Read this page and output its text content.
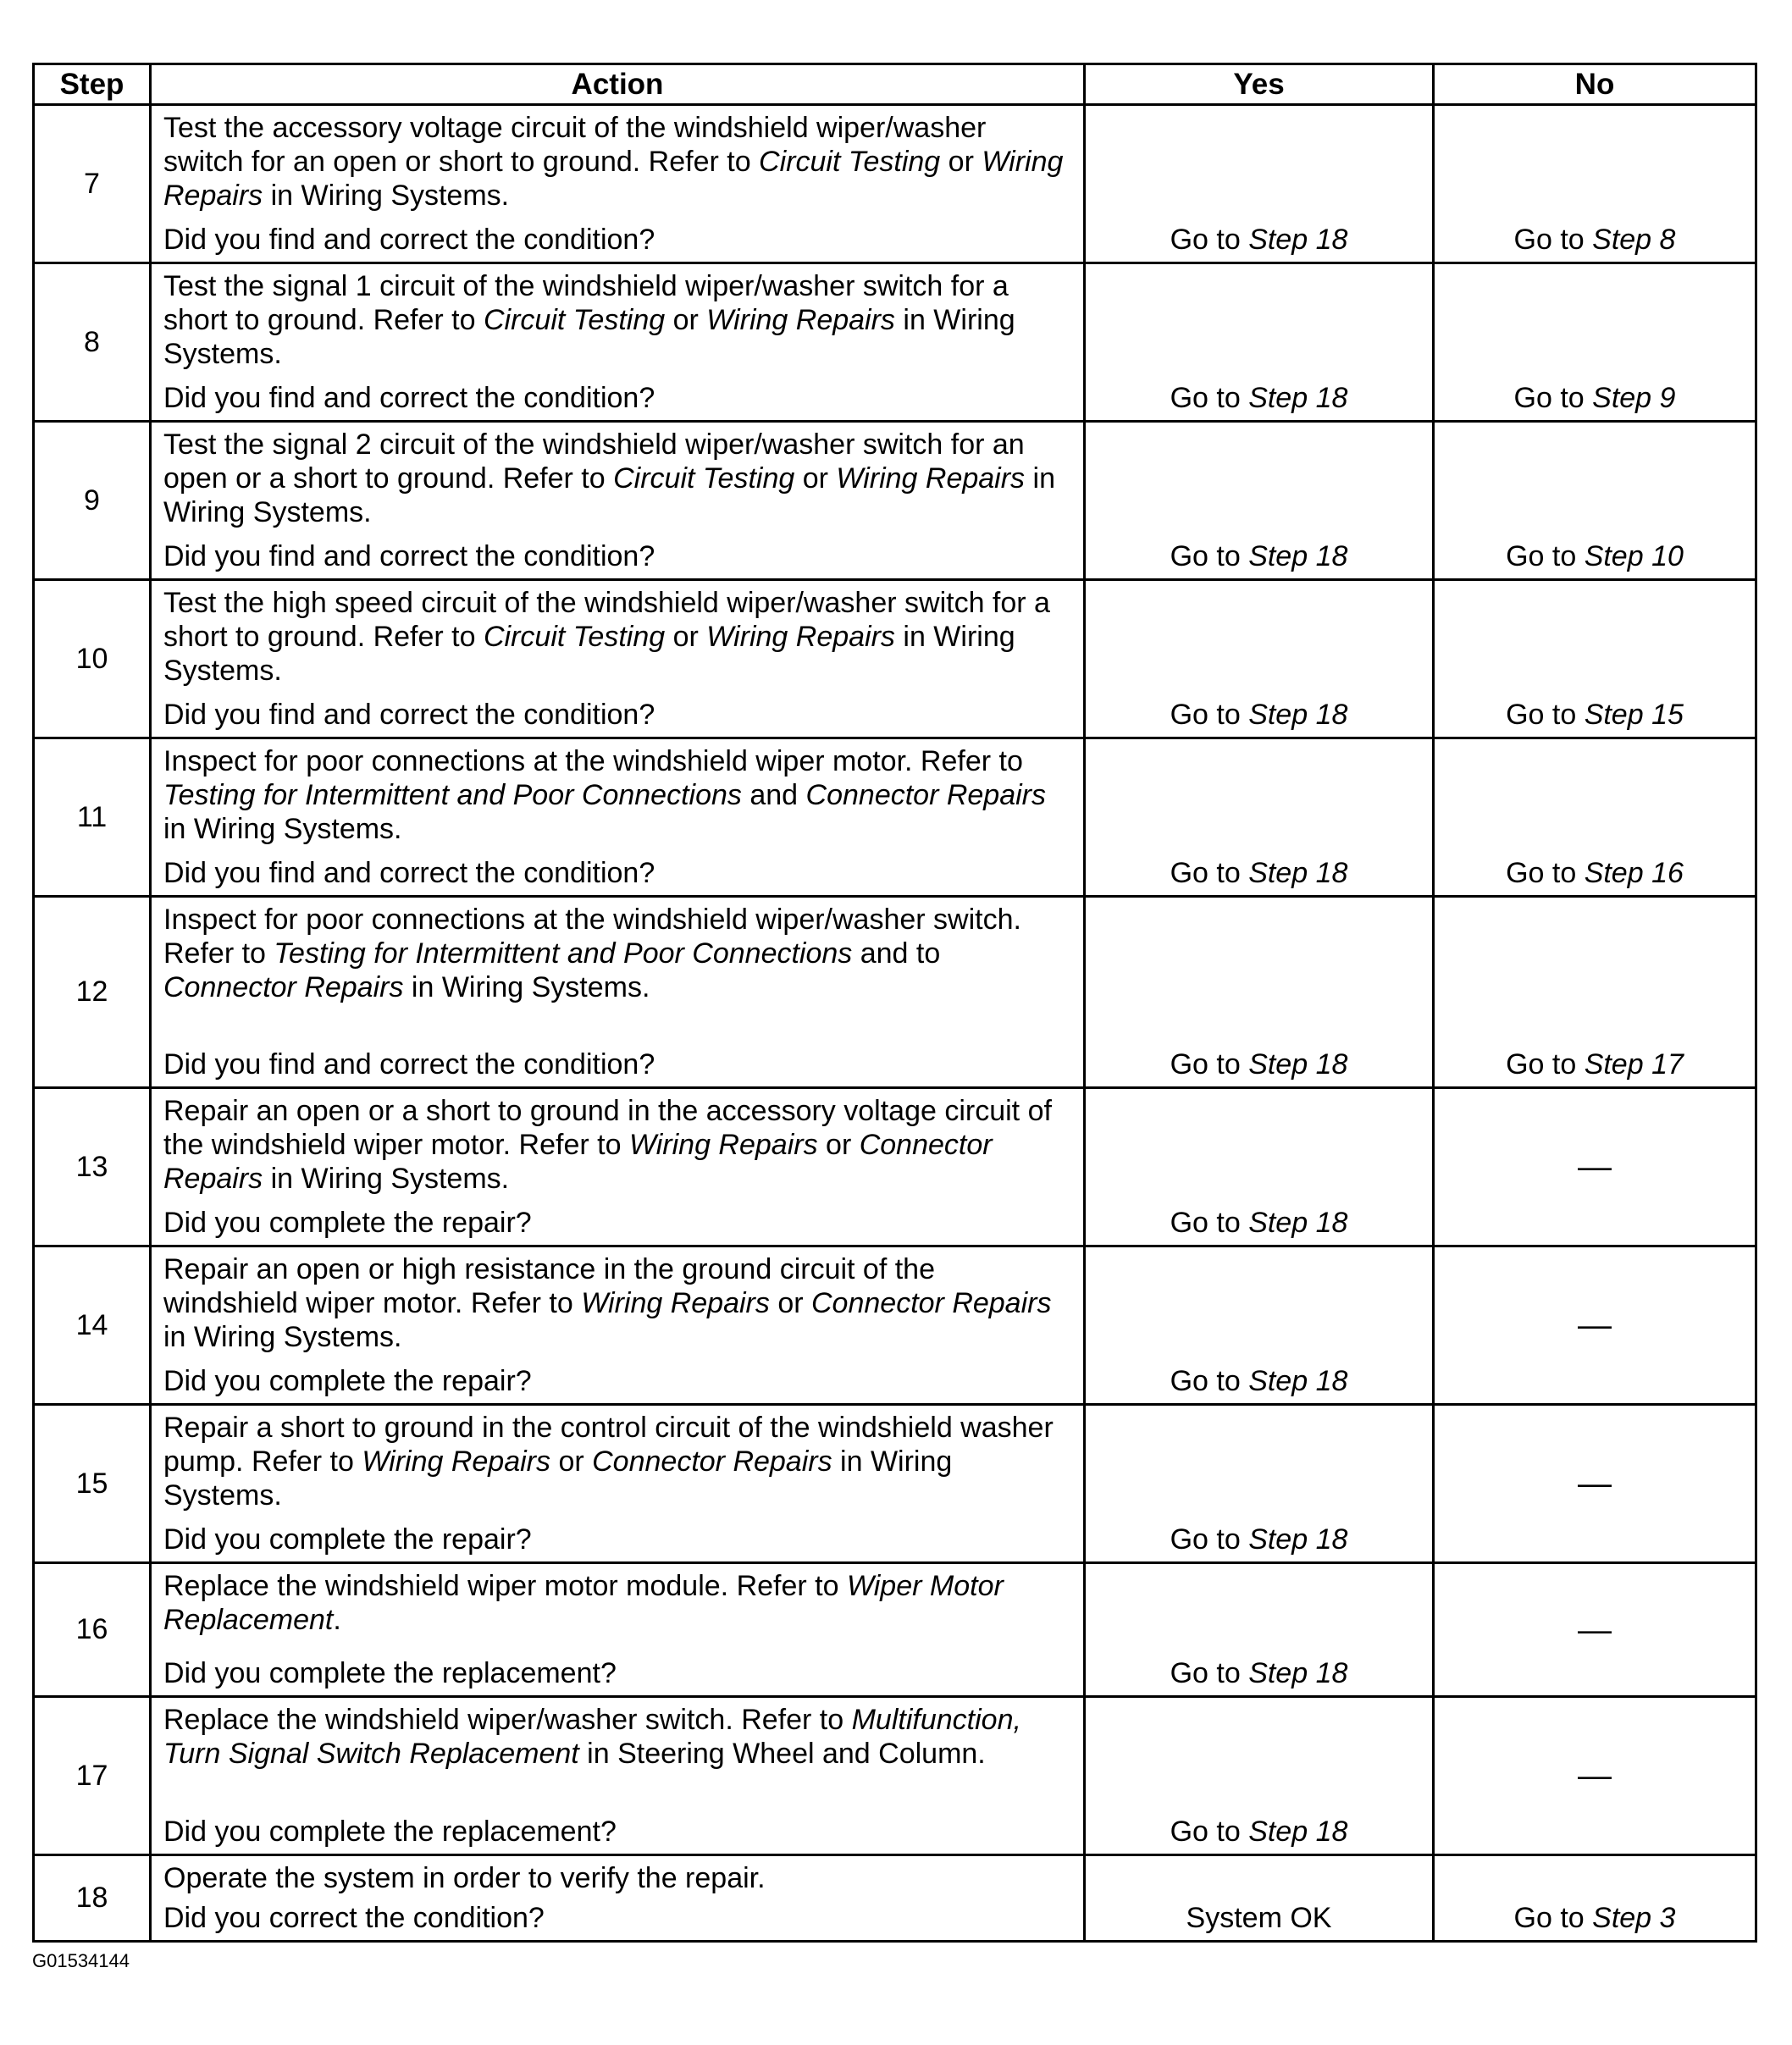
Step	Action	Yes	No
7	Test the accessory voltage circuit of the windshield wiper/washer switch for an open or short to ground. Refer to Circuit Testing or Wiring Repairs in Wiring Systems.
Did you find and correct the condition?	Go to Step 18	Go to Step 8
8	Test the signal 1 circuit of the windshield wiper/washer switch for a short to ground. Refer to Circuit Testing or Wiring Repairs in Wiring Systems.
Did you find and correct the condition?	Go to Step 18	Go to Step 9
9	Test the signal 2 circuit of the windshield wiper/washer switch for an open or a short to ground. Refer to Circuit Testing or Wiring Repairs in Wiring Systems.
Did you find and correct the condition?	Go to Step 18	Go to Step 10
10	Test the high speed circuit of the windshield wiper/washer switch for a short to ground. Refer to Circuit Testing or Wiring Repairs in Wiring Systems.
Did you find and correct the condition?	Go to Step 18	Go to Step 15
11	Inspect for poor connections at the windshield wiper motor. Refer to Testing for Intermittent and Poor Connections and Connector Repairs in Wiring Systems.
Did you find and correct the condition?	Go to Step 18	Go to Step 16
12	Inspect for poor connections at the windshield wiper/washer switch. Refer to Testing for Intermittent and Poor Connections and to Connector Repairs in Wiring Systems.
Did you find and correct the condition?	Go to Step 18	Go to Step 17
13	Repair an open or a short to ground in the accessory voltage circuit of the windshield wiper motor. Refer to Wiring Repairs or Connector Repairs in Wiring Systems.
Did you complete the repair?	Go to Step 18	—
14	Repair an open or high resistance in the ground circuit of the windshield wiper motor. Refer to Wiring Repairs or Connector Repairs in Wiring Systems.
Did you complete the repair?	Go to Step 18	—
15	Repair a short to ground in the control circuit of the windshield washer pump. Refer to Wiring Repairs or Connector Repairs in Wiring Systems.
Did you complete the repair?	Go to Step 18	—
16	Replace the windshield wiper motor module. Refer to Wiper Motor Replacement.
Did you complete the replacement?	Go to Step 18	—
17	Replace the windshield wiper/washer switch. Refer to Multifunction, Turn Signal Switch Replacement in Steering Wheel and Column.
Did you complete the replacement?	Go to Step 18	—
18	Operate the system in order to verify the repair.
Did you correct the condition?	System OK	Go to Step 3
G01534144
